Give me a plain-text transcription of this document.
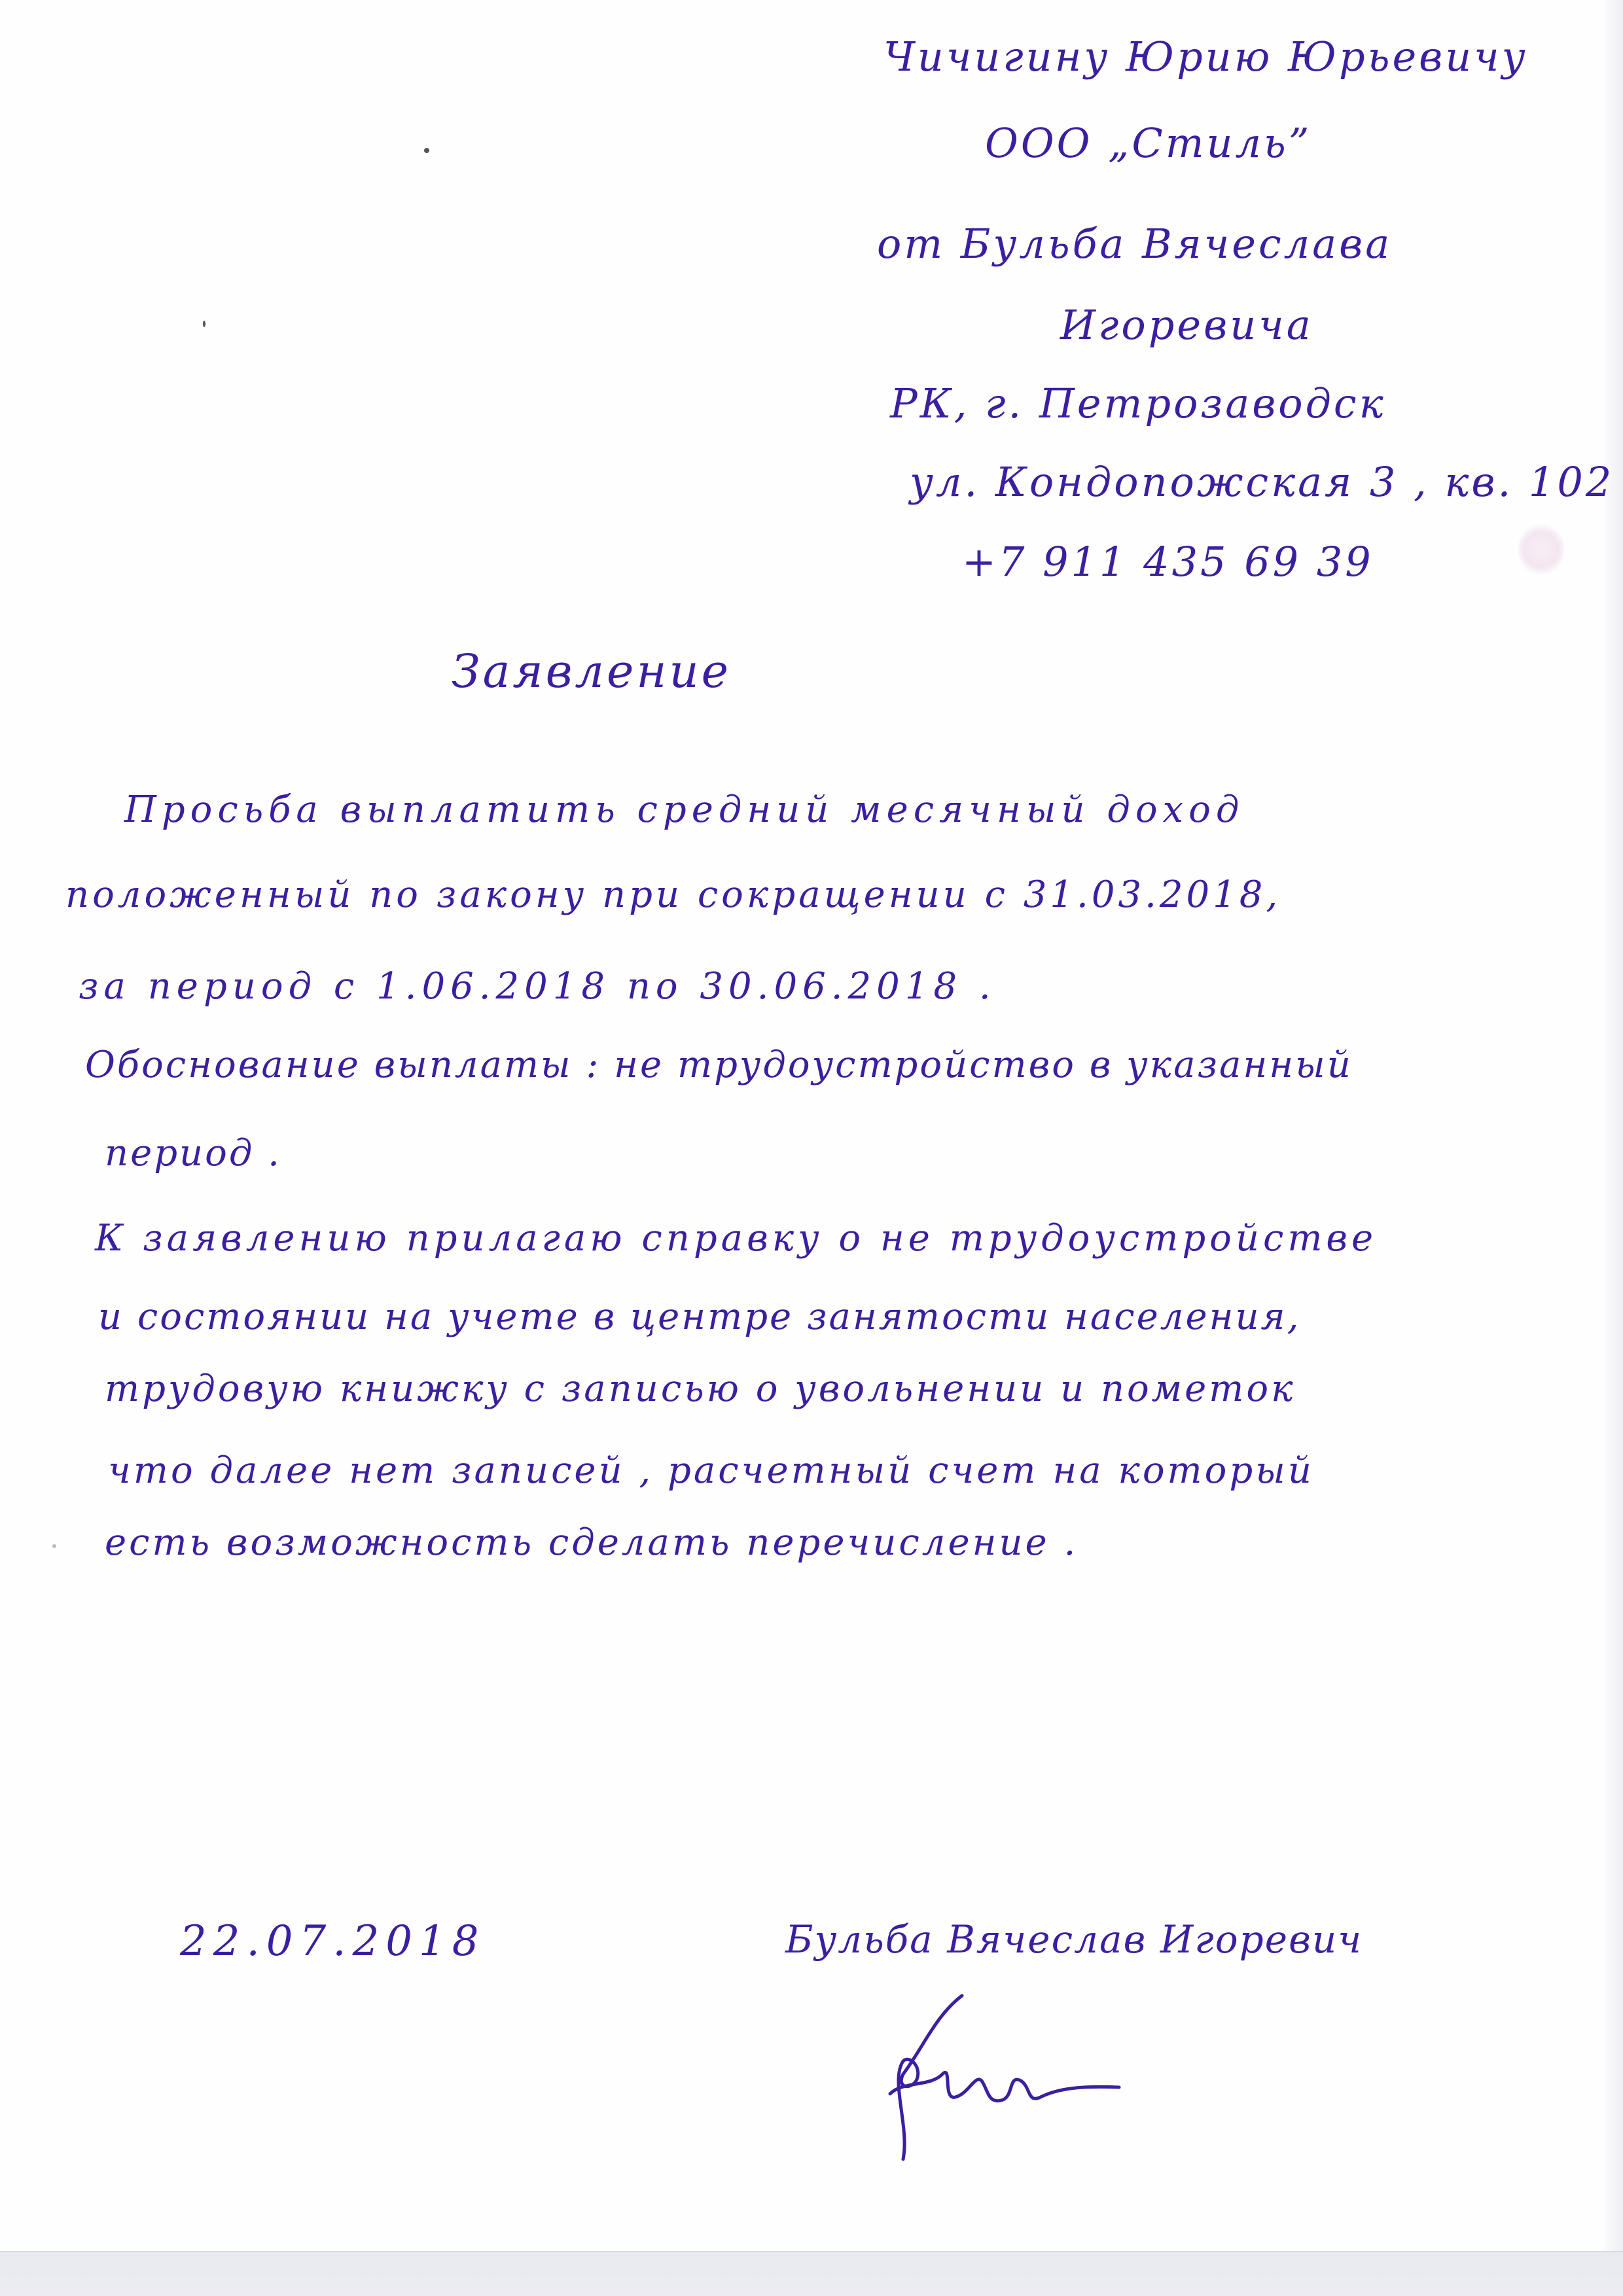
Чичигину Юрию Юрьевичу
ООО „Стиль”
от Бульба Вячеслава
Игоревича
РК, г. Петрозаводск
ул. Кондопожская 3 , кв. 102
+7 911 435 69 39
Заявление
Просьба выплатить средний месячный доход
положенный по закону при сокращении с 31.03.2018,
за период с 1.06.2018 по 30.06.2018 .
Обоснование выплаты : не трудоустройство в указанный
период .
К заявлению прилагаю справку о не трудоустройстве
и состоянии на учете в центре занятости населения,
трудовую книжку с записью о увольнении и пометок
что далее нет записей , расчетный счет на который
есть возможность сделать перечисление .
22.07.2018	Бульба Вячеслав Игоревич
